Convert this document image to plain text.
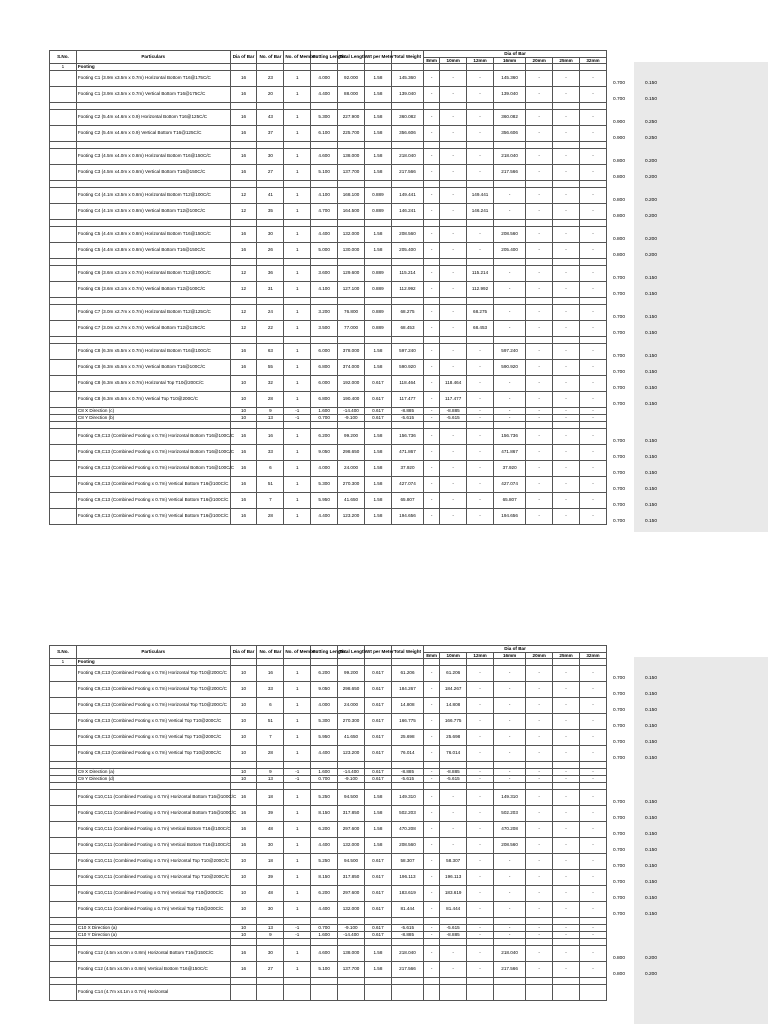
S.No.	Particulars	Dia of Bar	No. of Bar	No. of Member	Cutting Length	Total Length	Wt per Meter	Total Weight	Dia of Bar						
									8mm	10mm	12mm	16mm	20mm	25mm	32mm
1	Footing														
	Footing C1 (3.9m x3.5m x 0.7m) Horizontal Bottom T16@175C/C	16	23	1	4.000	92.000	1.58	145.360	-	-	-	145.360	-	-	-
	Footing C1 (3.9m x3.5m x 0.7m) Vertical Bottom T16@175C/C	16	20	1	4.400	88.000	1.58	139.040	-	-	-	139.040	-	-	-

	Footing C2 (5.4m x4.6m x 0.9) Horizontal Bottom T16@125C/C	16	43	1	5.300	227.900	1.58	360.082	-	-	-	360.082	-	-	-
	Footing C2 (5.4m x4.6m x 0.9) Vertical Bottom T16@125C/C	16	37	1	6.100	225.700	1.58	356.606	-	-	-	356.606	-	-	-

	Footing C3 (4.5m x4.0m x 0.8m) Horizontal Bottom T16@150C/C	16	30	1	4.600	138.000	1.58	218.040	-	-	-	218.040	-	-	-
	Footing C3 (4.5m x4.0m x 0.8m) Vertical Bottom T16@150C/C	16	27	1	5.100	137.700	1.58	217.566	-	-	-	217.566	-	-	-

	Footing C4 (4.1m x3.5m x 0.8m) Horizontal Bottom T12@100C/C	12	41	1	4.100	168.100	0.889	149.441	-	-	149.441	-	-	-	-
	Footing C4 (4.1m x3.5m x 0.8m) Vertical Bottom T12@100C/C	12	35	1	4.700	164.500	0.889	146.241	-	-	146.241	-	-	-	-

	Footing C5 (4.4m x3.8m x 0.8m) Horizontal Bottom T16@150C/C	16	30	1	4.400	132.000	1.58	208.560	-	-	-	208.560	-	-	-
	Footing C5 (4.4m x3.8m x 0.8m) Vertical Bottom T16@150C/C	16	26	1	5.000	130.000	1.58	205.400	-	-	-	205.400	-	-	-

	Footing C6 (3.6m x3.1m x 0.7m) Horizontal Bottom T12@100C/C	12	36	1	3.600	129.600	0.889	115.214	-	-	115.214	-	-	-	-
	Footing C6 (3.6m x3.1m x 0.7m) Vertical Bottom T12@100C/C	12	31	1	4.100	127.100	0.889	112.992	-	-	112.992	-	-	-	-

	Footing C7 (3.0m x2.7m x 0.7m) Horizontal Bottom T12@125C/C	12	24	1	3.200	76.800	0.889	68.275	-	-	68.275	-	-	-	-
	Footing C7 (3.0m x2.7m x 0.7m) Vertical Bottom T12@125C/C	12	22	1	3.500	77.000	0.889	68.453	-	-	68.453	-	-	-	-

	Footing C8 (6.3m x5.5m x 0.7m) Horizontal Bottom T16@100C/C	16	63	1	6.000	378.000	1.58	597.240	-	-	-	597.240	-	-	-
	Footing C8 (6.3m x5.5m x 0.7m) Vertical Bottom T16@100C/C	16	55	1	6.800	374.000	1.58	590.920	-	-	-	590.920	-	-	-
	Footing C8 (6.3m x5.5m x 0.7m) Horizontal Top T10@200C/C	10	32	1	6.000	192.000	0.617	118.464	-	118.464	-	-	-	-	-
	Footing C8 (6.3m x5.5m x 0.7m) Vertical Top T10@200C/C	10	28	1	6.800	190.400	0.617	117.477	-	117.477	-	-	-	-	-
	C8 X Direction (c)	10	9	-1	1.600	-14.400	0.617	-8.885	-	-8.885	-	-	-	-	-
	C8 Y Direction (b)	10	13	-1	0.700	-9.100	0.617	-5.615	-	-5.615	-	-	-	-	-

	Footing C9,C13 (Combined Footing x 0.7m) Horizontal Bottom T16@100C/C	16	16	1	6.200	99.200	1.58	156.736	-	-	-	156.736	-	-	-
	Footing C9,C13 (Combined Footing x 0.7m) Horizontal Bottom T16@100C/C	16	33	1	9.050	298.650	1.58	471.867	-	-	-	471.867	-	-	-
	Footing C9,C13 (Combined Footing x 0.7m) Horizontal Bottom T16@100C/C	16	6	1	4.000	24.000	1.58	37.920	-	-	-	37.920	-	-	-
	Footing C9,C13 (Combined Footing x 0.7m) Vertical Bottom T16@100C/C	16	51	1	5.300	270.300	1.58	427.074	-	-	-	427.074	-	-	-
	Footing C9,C13 (Combined Footing x 0.7m) Vertical Bottom T16@100C/C	16	7	1	5.950	41.650	1.58	65.807	-	-	-	65.807	-	-	-
	Footing C9,C13 (Combined Footing x 0.7m) Vertical Bottom T16@100C/C	16	28	1	4.400	123.200	1.58	194.656	-	-	-	194.656	-	-	-
S.No.	Particulars	Dia of Bar	No. of Bar	No. of Member	Cutting Length	Total Length	Wt per Meter	Total Weight	Dia of Bar						
									8mm	10mm	12mm	16mm	20mm	25mm	32mm
1	Footing														
	Footing C9,C13 (Combined Footing x 0.7m) Horizontal Top T10@200C/C	10	16	1	6.200	99.200	0.617	61.206	-	61.206	-	-	-	-	-
	Footing C9,C13 (Combined Footing x 0.7m) Horizontal Top T10@200C/C	10	33	1	9.050	298.650	0.617	184.267	-	184.267	-	-	-	-	-
	Footing C9,C13 (Combined Footing x 0.7m) Horizontal Top T10@200C/C	10	6	1	4.000	24.000	0.617	14.808	-	14.808	-	-	-	-	-
	Footing C9,C13 (Combined Footing x 0.7m) Vertical Top T10@200C/C	10	51	1	5.300	270.300	0.617	166.775	-	166.775	-	-	-	-	-
	Footing C9,C13 (Combined Footing x 0.7m) Vertical Top T10@200C/C	10	7	1	5.950	41.650	0.617	25.698	-	25.698	-	-	-	-	-
	Footing C9,C13 (Combined Footing x 0.7m) Vertical Top T10@200C/C	10	28	1	4.400	123.200	0.617	76.014	-	76.014	-	-	-	-	-

	C9 X Direction (a)	10	9	-1	1.600	-14.400	0.617	-8.885	-	-8.885	-	-	-	-	-
	C9 Y Direction (d)	10	13	-1	0.700	-9.100	0.617	-5.615	-	-5.615	-	-	-	-	-

	Footing C10,C11 (Combined Footing x 0.7m) Horizontal Bottom T16@100C/C	16	18	1	5.250	94.500	1.58	149.310	-	-	-	149.310	-	-	-
	Footing C10,C11 (Combined Footing x 0.7m) Horizontal Bottom T16@100C/C	16	39	1	8.150	317.850	1.58	502.203	-	-	-	502.203	-	-	-
	Footing C10,C11 (Combined Footing x 0.7m) Vertical Bottom T16@100C/C	16	48	1	6.200	297.600	1.58	470.208	-	-	-	470.208	-	-	-
	Footing C10,C11 (Combined Footing x 0.7m) Vertical Bottom T16@100C/C	16	30	1	4.400	132.000	1.58	208.560	-	-	-	208.560	-	-	-
	Footing C10,C11 (Combined Footing x 0.7m) Horizontal Top T10@200C/C	10	18	1	5.250	94.500	0.617	58.307	-	58.307	-	-	-	-	-
	Footing C10,C11 (Combined Footing x 0.7m) Horizontal Top T10@200C/C	10	39	1	8.150	317.850	0.617	196.113	-	196.113	-	-	-	-	-
	Footing C10,C11 (Combined Footing x 0.7m) Vertical Top T10@200C/C	10	48	1	6.200	297.600	0.617	183.619	-	183.619	-	-	-	-	-
	Footing C10,C11 (Combined Footing x 0.7m) Vertical Top T10@200C/C	10	30	1	4.400	132.000	0.617	81.444	-	81.444	-	-	-	-	-

	C10 X Direction (a)	10	13	-1	0.700	-9.100	0.617	-5.615	-	-5.615	-	-	-	-	-
	C10 Y Direction (a)	10	9	-1	1.600	-14.400	0.617	-8.885	-	-8.885	-	-	-	-	-

	Footing C12 (4.5m x4.0m x 0.8m) Horizontal Bottom T16@150C/C	16	30	1	4.600	138.000	1.58	218.040	-	-	-	218.040	-	-	-
	Footing C12 (4.5m x4.0m x 0.8m) Vertical Bottom T16@150C/C	16	27	1	5.100	137.700	1.58	217.566	-	-	-	217.566	-	-	-

	Footing C14 (4.7m x4.1m x 0.7m) Horizontal														
0.700	0.150
0.700	0.150
0.900	0.250
0.900	0.250
0.800	0.200
0.800	0.200
0.800	0.200
0.800	0.200
0.800	0.200
0.800	0.200
0.700	0.150
0.700	0.150
0.700	0.150
0.700	0.150
0.700	0.150
0.700	0.150
0.700	0.150
0.700	0.150
0.700	0.150
0.700	0.150
0.700	0.150
0.700	0.150
0.700	0.150
0.700	0.150
0.700	0.150
0.700	0.150
0.700	0.150
0.700	0.150
0.700	0.150
0.700	0.150
0.700	0.150
0.700	0.150
0.700	0.150
0.700	0.150
0.700	0.150
0.700	0.150
0.700	0.150
0.700	0.150
0.800	0.200
0.800	0.200
